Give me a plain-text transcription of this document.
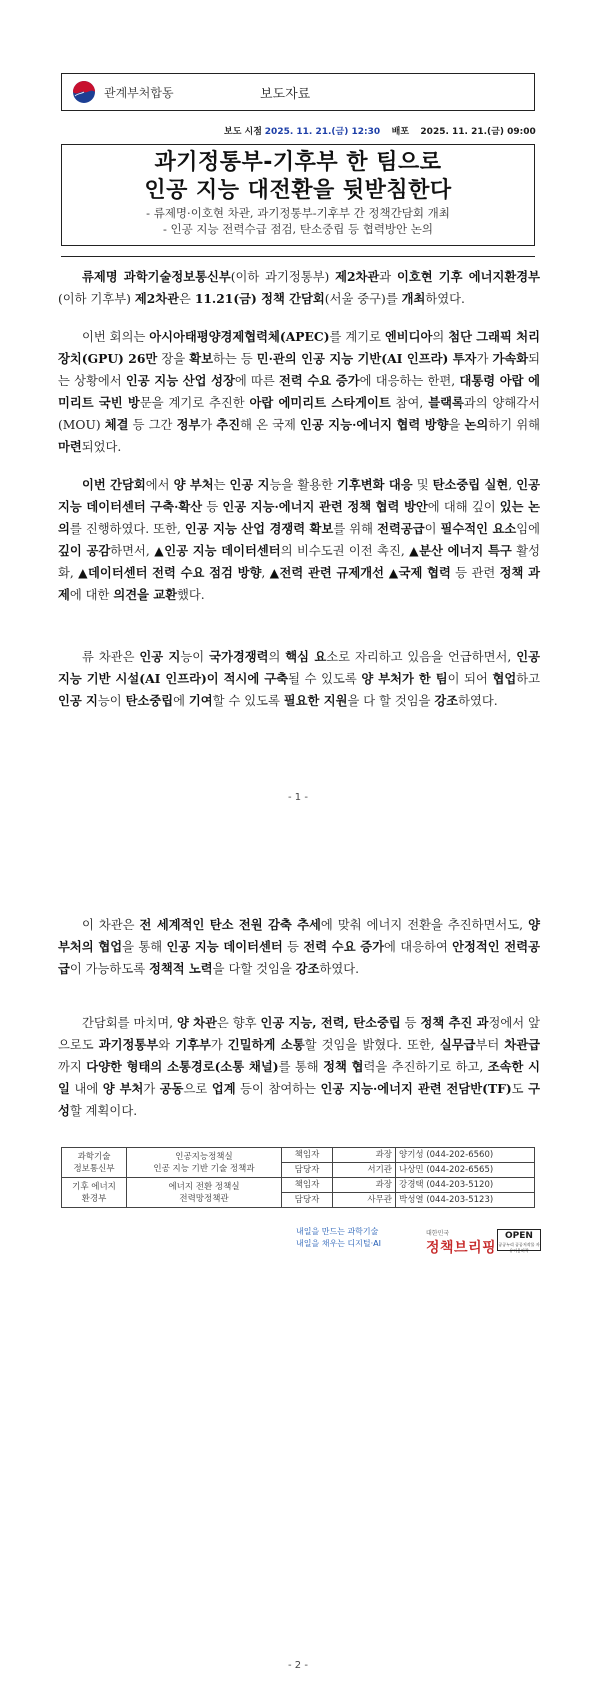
관계부처합동	보도자료
보도 시점 2025. 11. 21.(금) 12:30 배포 2025. 11. 21.(금) 09:00
과기정통부-기후부 한 팀으로
인공 지능 대전환을 뒷받침한다
- 류제명·이호현 차관, 과기정통부-기후부 간 정책간담회 개최
- 인공 지능 전력수급 점검, 탄소중립 등 협력방안 논의
류제명 과학기술정보통신부(이하 과기정통부) 제2차관과 이호현 기후 에너지환경부(이하 기후부) 제2차관은 11.21(금) 정책 간담회(서울 중구)를 개최하였다.
이번 회의는 아시아태평양경제협력체(APEC)를 계기로 엔비디아의 첨단 그래픽 처리 장치(GPU) 26만 장을 확보하는 등 민·관의 인공 지능 기반(AI 인프라) 투자가 가속화되는 상황에서 인공 지능 산업 성장에 따른 전력 수요 증가에 대응하는 한편, 대통령 아랍 에미리트 국빈 방문을 계기로 추진한 아랍 에미리트 스타게이트 참여, 블랙록과의 양해각서(MOU) 체결 등 그간 정부가 추진해 온 국제 인공 지능·에너지 협력 방향을 논의하기 위해 마련되었다.
이번 간담회에서 양 부처는 인공 지능을 활용한 기후변화 대응 및 탄소중립 실현, 인공 지능 데이터센터 구축·확산 등 인공 지능·에너지 관련 정책 협력 방안에 대해 깊이 있는 논의를 진행하였다. 또한, 인공 지능 산업 경쟁력 확보를 위해 전력공급이 필수적인 요소임에 깊이 공감하면서, ▲인공 지능 데이터센터의 비수도권 이전 촉진, ▲분산 에너지 특구 활성화, ▲데이터센터 전력 수요 점검 방향, ▲전력 관련 규제개선 ▲국제 협력 등 관련 정책 과제에 대한 의견을 교환했다.
류 차관은 인공 지능이 국가경쟁력의 핵심 요소로 자리하고 있음을 언급하면서, 인공 지능 기반 시설(AI 인프라)이 적시에 구축될 수 있도록 양 부처가 한 팀이 되어 협업하고 인공 지능이 탄소중립에 기여할 수 있도록 필요한 지원을 다 할 것임을 강조하였다.
- 1 -
이 차관은 전 세계적인 탄소 전원 감축 추세에 맞춰 에너지 전환을 추진하면서도, 양 부처의 협업을 통해 인공 지능 데이터센터 등 전력 수요 증가에 대응하여 안정적인 전력공급이 가능하도록 정책적 노력을 다할 것임을 강조하였다.
간담회를 마치며, 양 차관은 향후 인공 지능, 전력, 탄소중립 등 정책 추진 과정에서 앞으로도 과기정통부와 기후부가 긴밀하게 소통할 것임을 밝혔다. 또한, 실무급부터 차관급까지 다양한 형태의 소통경로(소통 채널)를 통해 정책 협력을 추진하기로 하고, 조속한 시일 내에 양 부처가 공동으로 업계 등이 참여하는 인공 지능·에너지 관련 전담반(TF)도 구성할 계획이다.
과학기술
정보통신부	인공지능정책실
인공 지능 기반 기술 정책과	책임자	과장	양기성 (044-202-6560)
		담당자	서기관	나상민 (044-202-6565)
기후 에너지
환경부	에너지 전환 정책실
전력망정책관	책임자	과장	강경택 (044-203-5120)
		담당자	사무관	박성열 (044-203-5123)
내일을 만드는 과학기술
내일을 채우는 디지털·AI
대한민국
정책브리핑
OPEN
공공누리 공공저작물 자유이용허락
- 2 -
